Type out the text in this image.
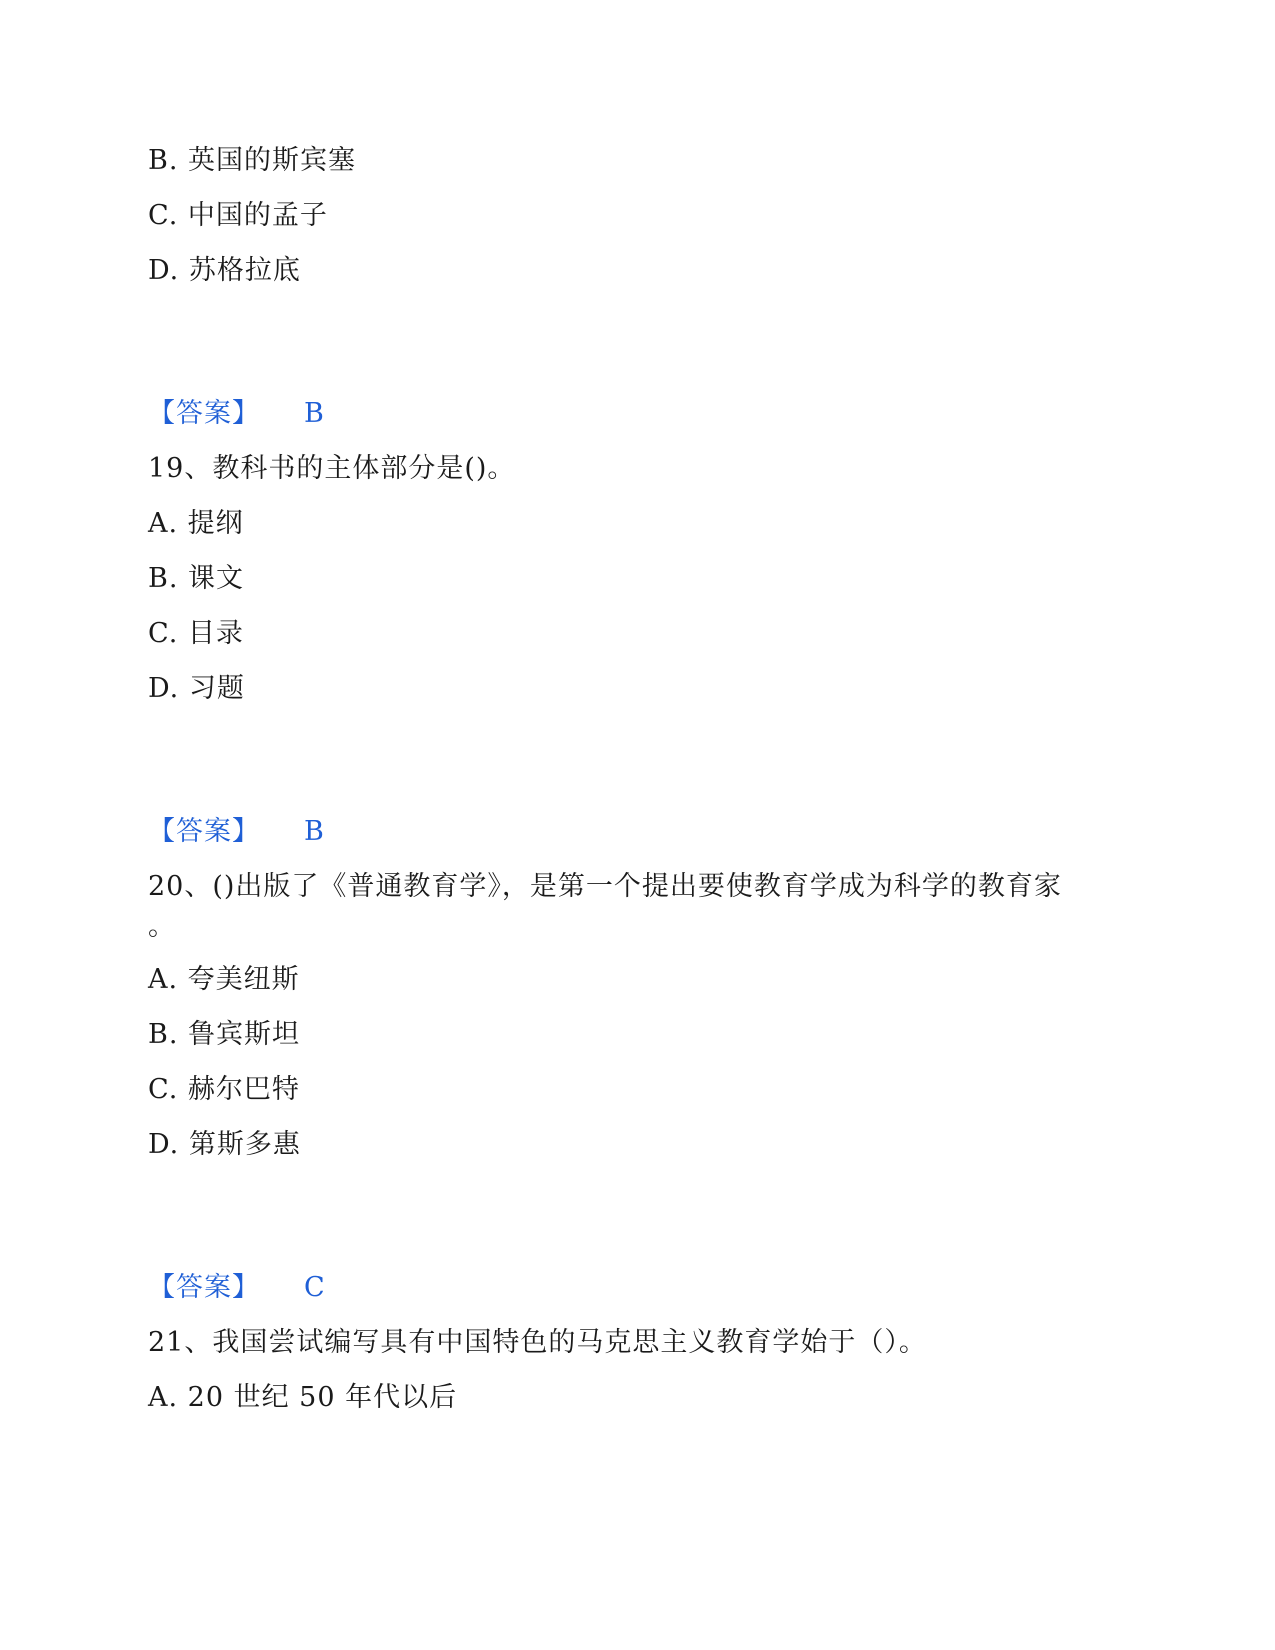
B. 英国的斯宾塞
C. 中国的孟子
D. 苏格拉底
【答案】 B
19、教科书的主体部分是()。
A. 提纲
B. 课文
C. 目录
D. 习题
【答案】 B
20、()出版了《普通教育学》，是第一个提出要使教育学成为科学的教育家
。
A. 夸美纽斯
B. 鲁宾斯坦
C. 赫尔巴特
D. 第斯多惠
【答案】 C
21、我国尝试编写具有中国特色的马克思主义教育学始于（）。
A. 20 世纪 50 年代以后
